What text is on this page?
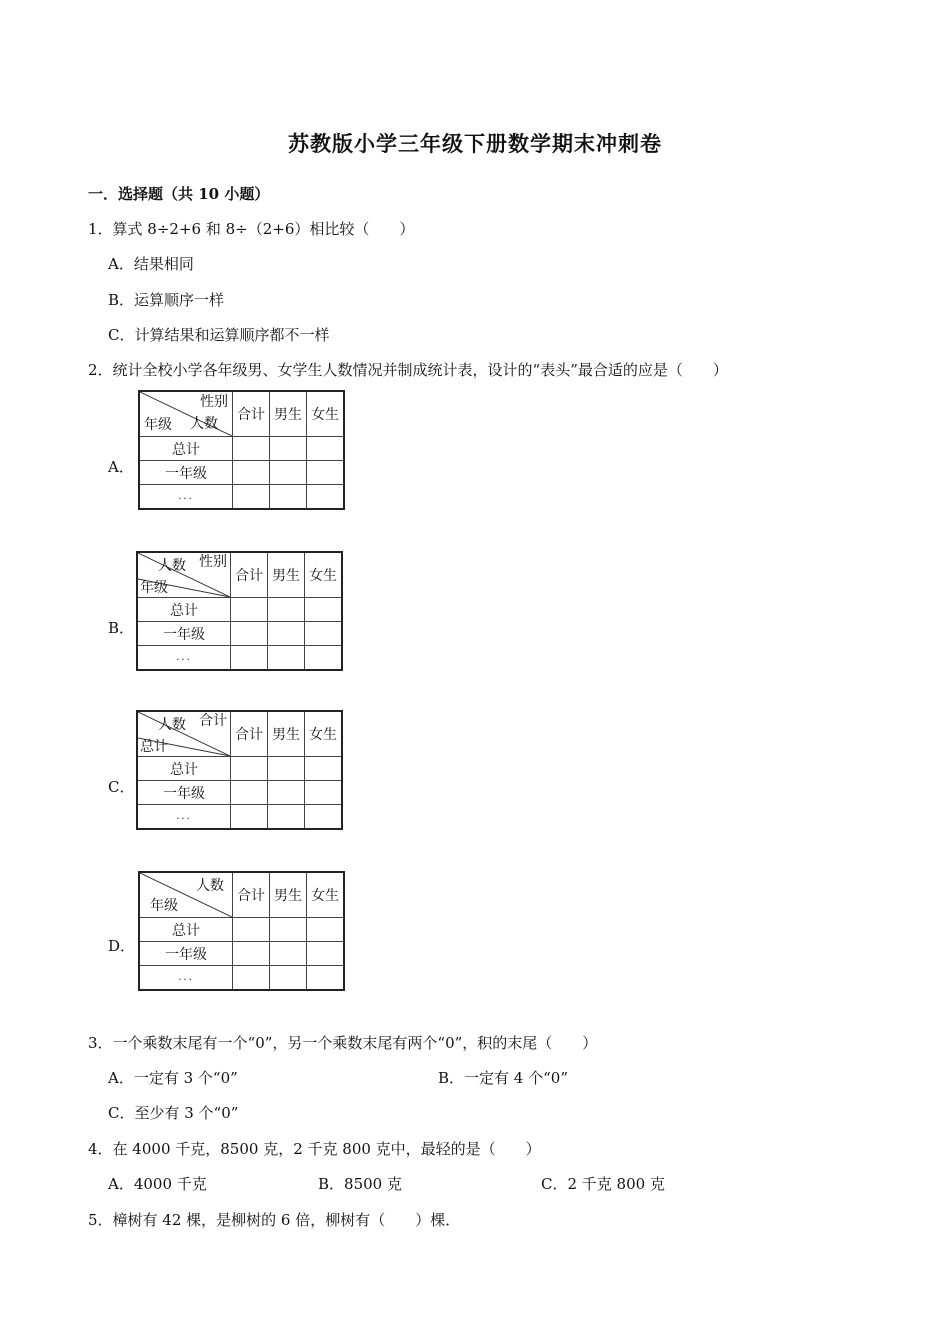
苏教版小学三年级下册数学期末冲刺卷
一．选择题（共 10 小题）
1．算式 8÷2+6 和 8÷（2+6）相比较（　　）
A．结果相同
B．运算顺序一样
C．计算结果和运算顺序都不一样
2．统计全校小学各年级男、女学生人数情况并制成统计表，设计的“表头”最合适的应是（　　）
A．
性别
人数
年级	合计	男生	女生
总计			
一年级			
...			
B．
性别
人数
年级	合计	男生	女生
总计			
一年级			
...			
C．
合计
人数
总计	合计	男生	女生
总计			
一年级			
...			
D．
人数
年级	合计	男生	女生
总计			
一年级			
...			
3．一个乘数末尾有一个“0”，另一个乘数末尾有两个“0”，积的末尾（　　）
A．一定有 3 个“0”	B．一定有 4 个“0”
C．至少有 3 个“0”
4．在 4000 千克，8500 克，2 千克 800 克中，最轻的是（　　）
A．4000 千克	B．8500 克	C．2 千克 800 克
5．樟树有 42 棵，是柳树的 6 倍，柳树有（　　）棵．
